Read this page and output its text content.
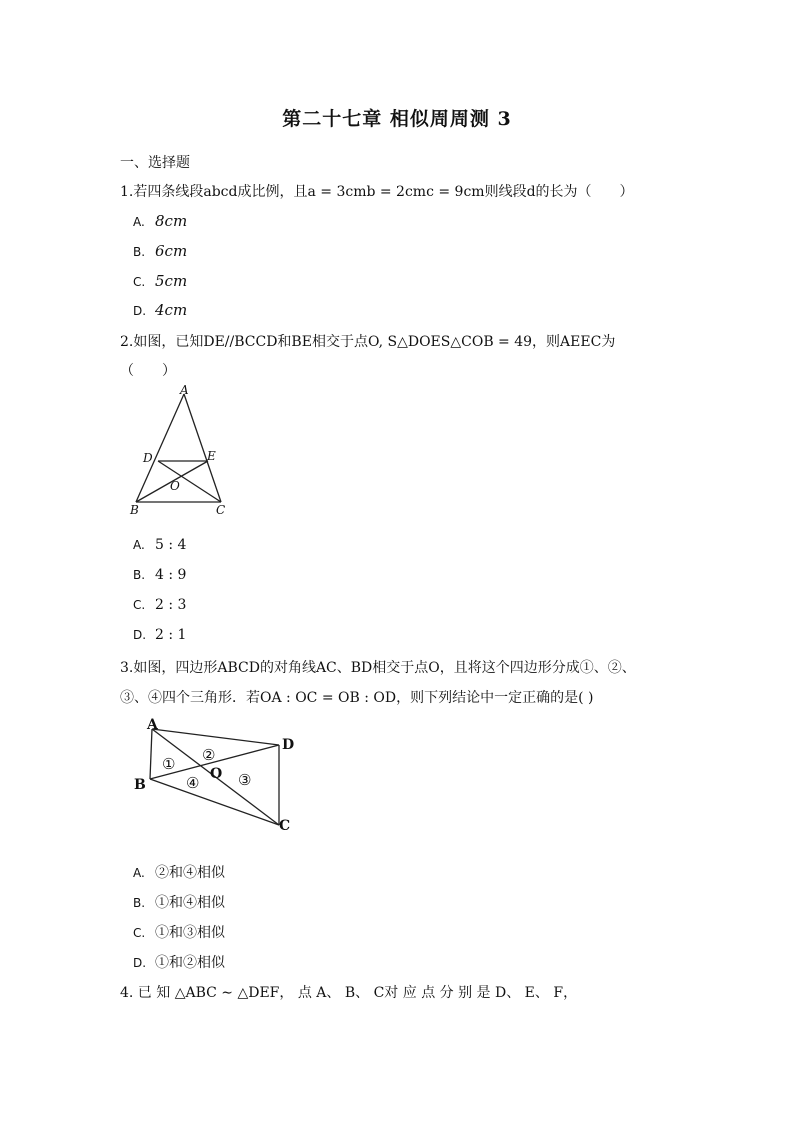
第二十七章 相似周周测 3
一、选择题
1.若四条线段abcd成比例，且a = 3cmb = 2cmc = 9cm则线段d的长为（　　）
A. 8cm
B. 6cm
C. 5cm
D. 4cm
2.如图，已知DE//BCCD和BE相交于点O, S△DOES△COB = 49，则AEEC为
（　　）
A
D	E
O
B	C
A. 5 : 4
B. 4 : 9
C. 2 : 3
D. 2 : 1
3.如图，四边形ABCD的对角线AC、BD相交于点O，且将这个四边形分成①、②、
③、④四个三角形．若OA : OC = OB : OD，则下列结论中一定正确的是( )
A
B
C
D
O
① ②
③
④
A. ②和④相似
B. ①和④相似
C. ①和③相似
D. ①和②相似
4. 已 知 △ABC ∼ △DEF， 点 A、 B、 C对 应 点 分 别 是 D、 E、 F，
